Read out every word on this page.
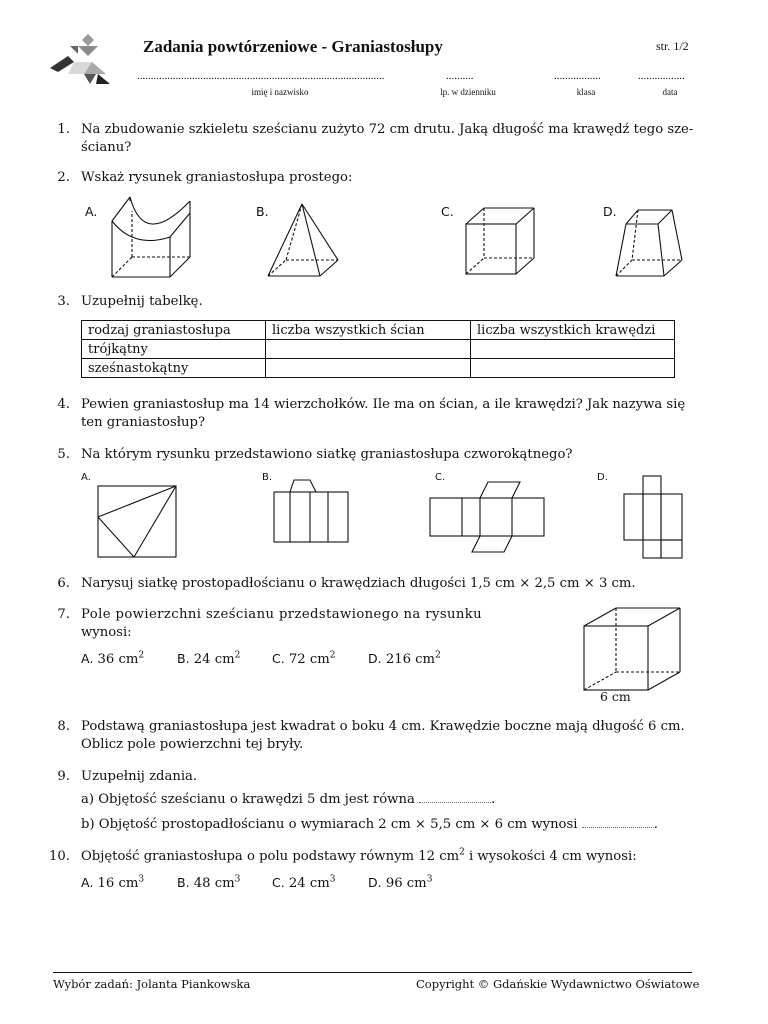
Zadania powtórzeniowe - Graniastosłupy	str. 1/2
..........................................................................................	..........	.................	.................
imię i nazwisko	lp. w dzienniku	klasa	data
1. Na zbudowanie szkieletu sześcianu zużyto 72 cm drutu. Jaką długość ma krawędź tego sze-
ścianu?
2. Wskaż rysunek graniastosłupa prostego:
A.	B.	C.	D.
3. Uzupełnij tabelkę.
rodzaj graniastosłupa	liczba wszystkich ścian	liczba wszystkich krawędzi
trójkątny		
sześnastokątny		
4. Pewien graniastosłup ma 14 wierzchołków. Ile ma on ścian, a ile krawędzi? Jak nazywa się
ten graniastosłup?
5. Na którym rysunku przedstawiono siatkę graniastosłupa czworokątnego?
A.	B.	C.	D.
6. Narysuj siatkę prostopadłościanu o krawędziach długości 1,5 cm × 2,5 cm × 3 cm.
7. Pole powierzchni sześcianu przedstawionego na rysunku
wynosi:
A. 36 $cm^2$	B. 24 $cm^2$	C. 72 $cm^2$	D. 216 $cm^2$
6 cm
8. Podstawą graniastosłupa jest kwadrat o boku 4 cm. Krawędzie boczne mają długość 6 cm.
Oblicz pole powierzchni tej bryły.
9. Uzupełnij zdania.
a) Objętość sześcianu o krawędzi 5 dm jest równa	.
b) Objętość prostopadłościanu o wymiarach 2 cm × 5,5 cm × 6 cm wynosi	.
10. Objętość graniastosłupa o polu podstawy równym 12 $cm^2$ i wysokości 4 cm wynosi:
A. 16 $cm^3$	B. 48 $cm^3$	C. 24 $cm^3$	D. 96 $cm^3$
Wybór zadań: Jolanta Piankowska	Copyright © Gdańskie Wydawnictwo Oświatowe
